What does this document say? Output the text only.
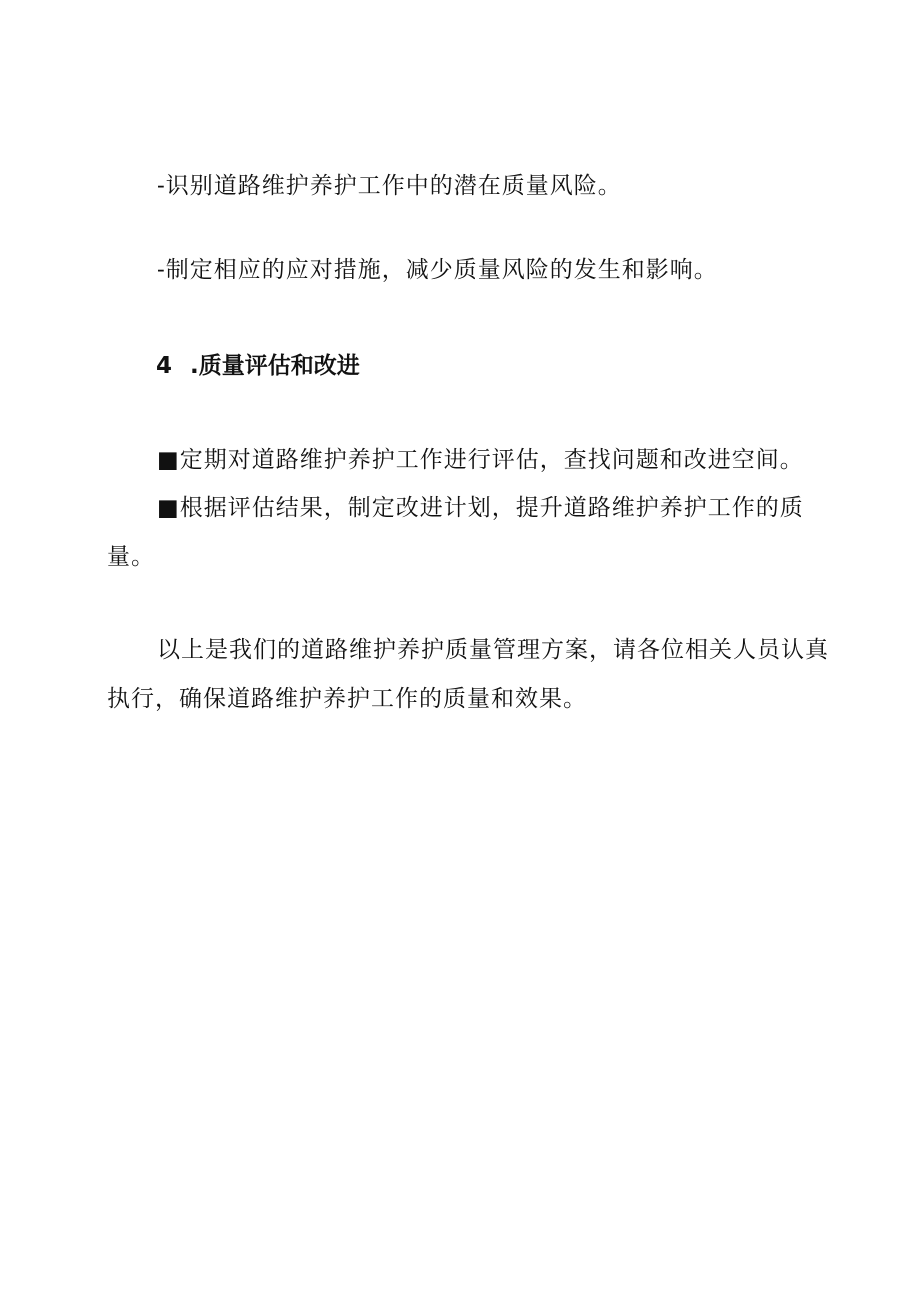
-识别道路维护养护工作中的潜在质量风险。
-制定相应的应对措施，减少质量风险的发生和影响。
4 .质量评估和改进
■定期对道路维护养护工作进行评估，查找问题和改进空间。
■根据评估结果，制定改进计划，提升道路维护养护工作的质
量。
以上是我们的道路维护养护质量管理方案，请各位相关人员认真
执行，确保道路维护养护工作的质量和效果。
